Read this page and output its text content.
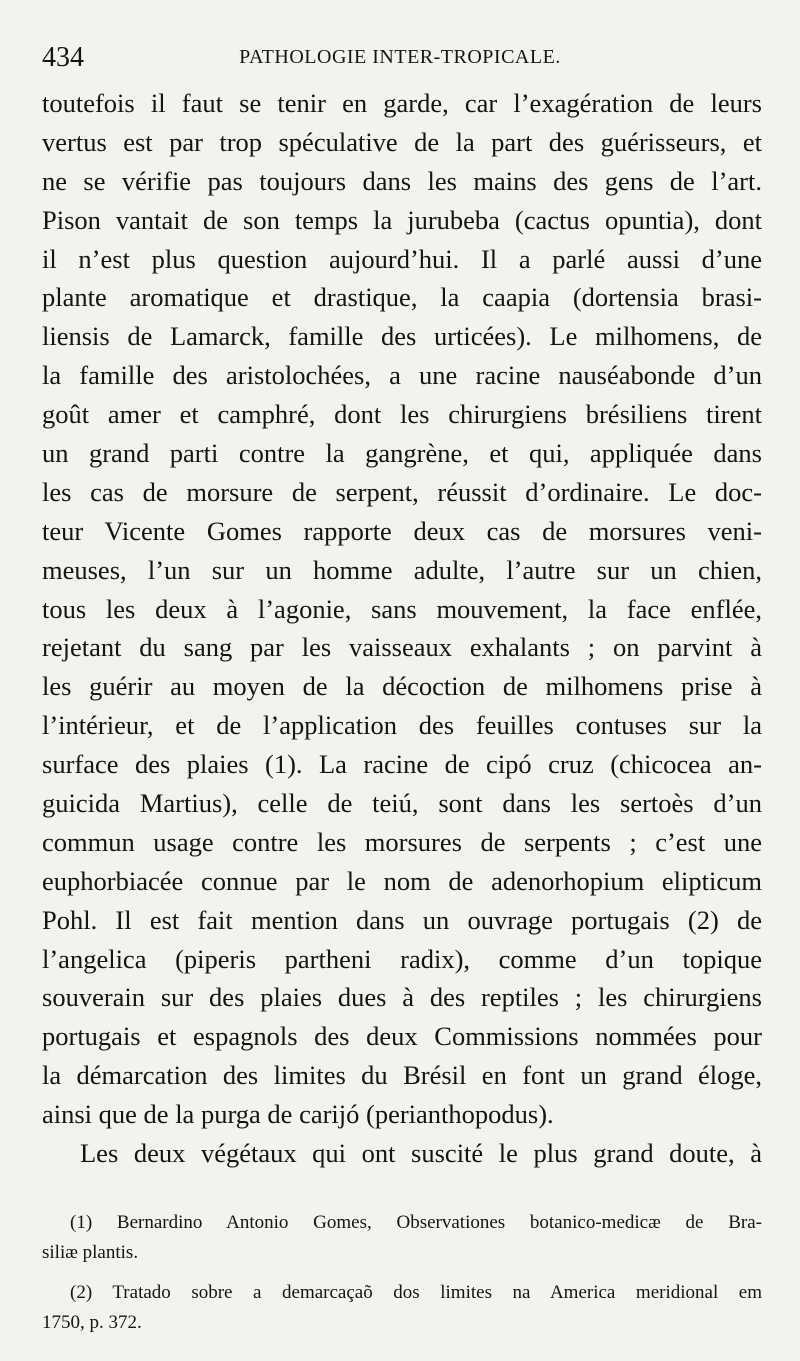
434	PATHOLOGIE INTER-TROPICALE.
toutefois il faut se tenir en garde, car l’exagération de leurs
vertus est par trop spéculative de la part des guérisseurs, et
ne se vérifie pas toujours dans les mains des gens de l’art.
Pison vantait de son temps la jurubeba (cactus opuntia), dont
il n’est plus question aujourd’hui. Il a parlé aussi d’une
plante aromatique et drastique, la caapia (dortensia brasi-
liensis de Lamarck, famille des urticées). Le milhomens, de
la famille des aristolochées, a une racine nauséabonde d’un
goût amer et camphré, dont les chirurgiens brésiliens tirent
un grand parti contre la gangrène, et qui, appliquée dans
les cas de morsure de serpent, réussit d’ordinaire. Le doc-
teur Vicente Gomes rapporte deux cas de morsures veni-
meuses, l’un sur un homme adulte, l’autre sur un chien,
tous les deux à l’agonie, sans mouvement, la face enflée,
rejetant du sang par les vaisseaux exhalants ; on parvint à
les guérir au moyen de la décoction de milhomens prise à
l’intérieur, et de l’application des feuilles contuses sur la
surface des plaies (1). La racine de cipó cruz (chicocea an-
guicida Martius), celle de teiú, sont dans les sertoès d’un
commun usage contre les morsures de serpents ; c’est une
euphorbiacée connue par le nom de adenorhopium elipticum
Pohl. Il est fait mention dans un ouvrage portugais (2) de
l’angelica (piperis partheni radix), comme d’un topique
souverain sur des plaies dues à des reptiles ; les chirurgiens
portugais et espagnols des deux Commissions nommées pour
la démarcation des limites du Brésil en font un grand éloge,
ainsi que de la purga de carijó (perianthopodus).
Les deux végétaux qui ont suscité le plus grand doute, à
(1) Bernardino Antonio Gomes, Observationes botanico-medicæ de Bra-
siliæ plantis.
(2) Tratado sobre a demarcaçaõ dos limites na America meridional em
1750, p. 372.
